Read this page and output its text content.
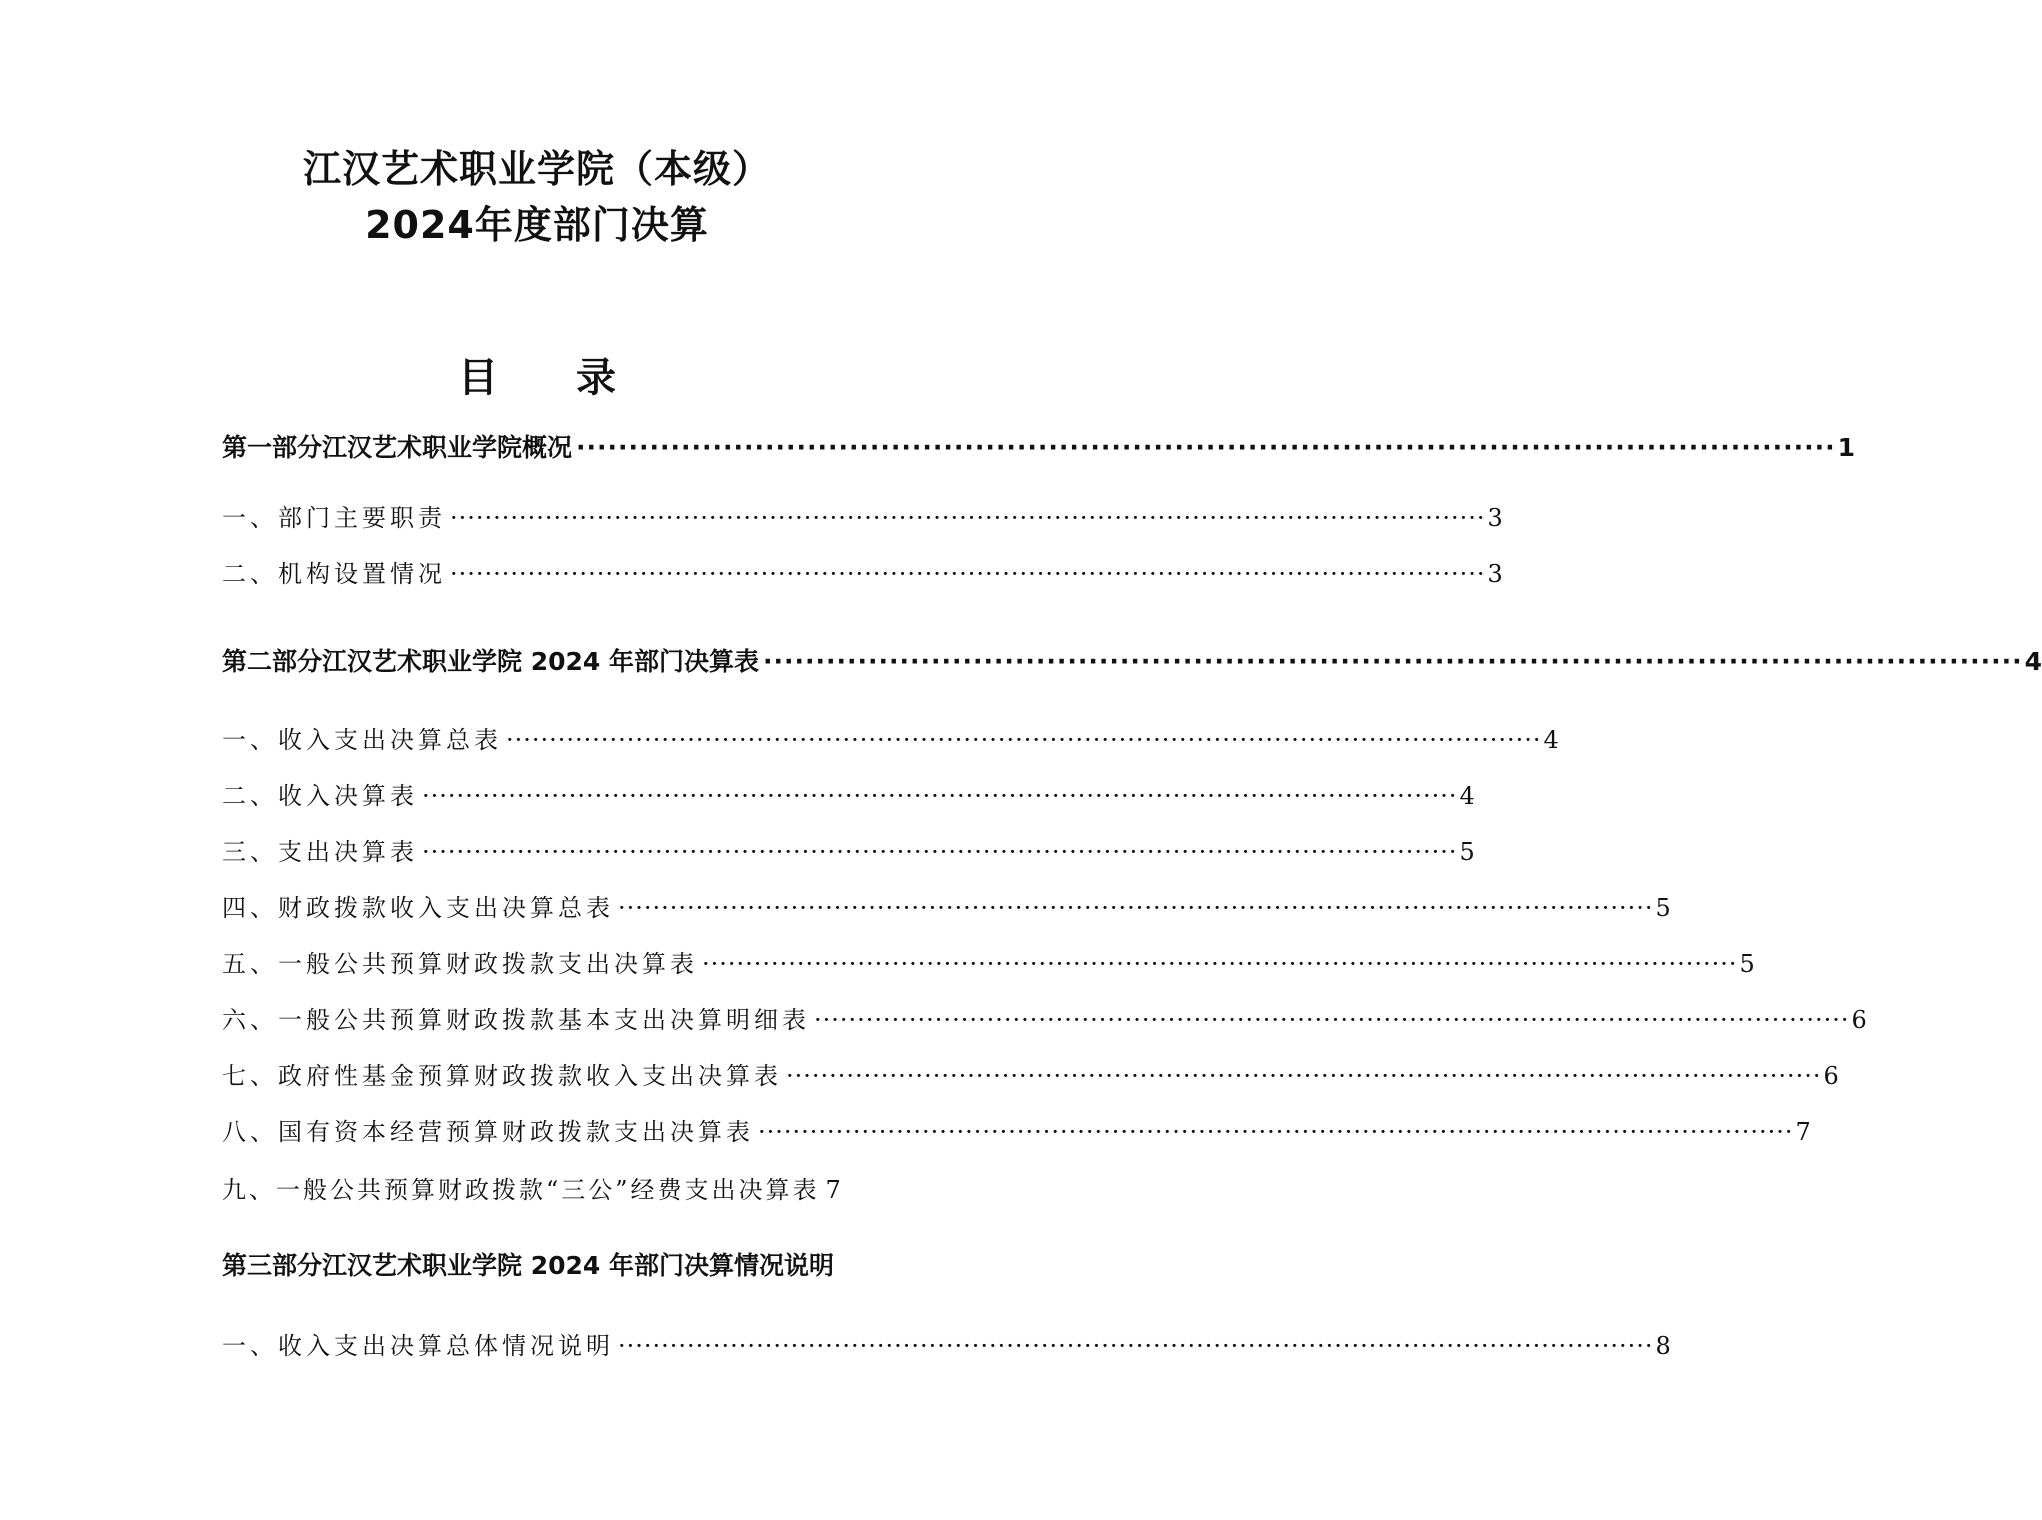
江汉艺术职业学院（本级）
2024年度部门决算
目 录
第一部分江汉艺术职业学院概况 ························································································································ 1
一、部门主要职责 ························································································································ 3
二、机构设置情况 ························································································································ 3
第二部分江汉艺术职业学院 2024 年部门决算表 ························································································································ 4
一、收入支出决算总表 ························································································································ 4
二、收入决算表 ························································································································ 4
三、支出决算表 ························································································································ 5
四、财政拨款收入支出决算总表 ························································································································ 5
五、一般公共预算财政拨款支出决算表 ························································································································ 5
六、一般公共预算财政拨款基本支出决算明细表 ························································································································ 6
七、政府性基金预算财政拨款收入支出决算表 ························································································································ 6
八、国有资本经营预算财政拨款支出决算表 ························································································································ 7
九、一般公共预算财政拨款“三公”经费支出决算表 7
第三部分江汉艺术职业学院 2024 年部门决算情况说明
一、收入支出决算总体情况说明 ························································································································ 8
